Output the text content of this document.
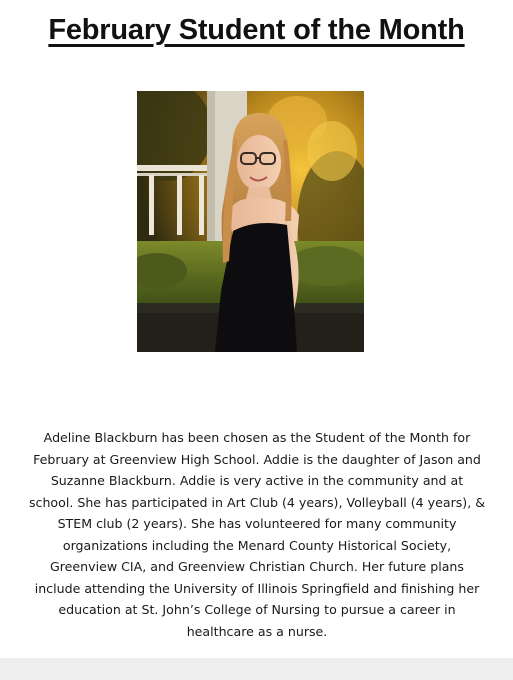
February Student of the Month
Adeline Blackburn has been chosen as the Student of the Month for
February at Greenview High School. Addie is the daughter of Jason and
Suzanne Blackburn. Addie is very active in the community and at
school. She has participated in Art Club (4 years), Volleyball (4 years), &
STEM club (2 years). She has volunteered for many community
organizations including the Menard County Historical Society,
Greenview CIA, and Greenview Christian Church. Her future plans
include attending the University of Illinois Springfield and finishing her
education at St. John’s College of Nursing to pursue a career in
healthcare as a nurse.
